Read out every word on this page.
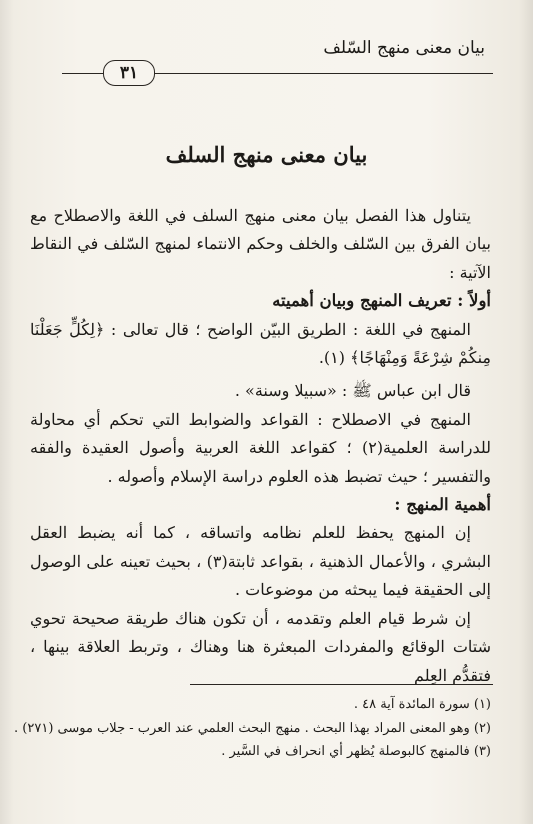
بيان معنى منهج السّلف
٣١
بيان معنى منهج السلف

يتناول هذا الفصل بيان معنى منهج السلف في اللغة والاصطلاح مع بيان الفرق بين السّلف والخلف وحكم الانتماء لمنهج السّلف في النقاط الآتية :

أولاً : تعريف المنهج وبيان أهميته

المنهج في اللغة : الطريق البيّن الواضح ؛ قال تعالى : ﴿لِكُلٍّ جَعَلْنَا مِنكُمْ شِرْعَةً وَمِنْهَاجًا﴾ (١).

قال ابن عباس ﷺ : «سبيلا وسنة» .

المنهج في الاصطلاح : القواعد والضوابط التي تحكم أي محاولة للدراسة العلمية(٢) ؛ كقواعد اللغة العربية وأصول العقيدة والفقه والتفسير ؛ حيث تضبط هذه العلوم دراسة الإسلام وأصوله .

أهمية المنهج :

إن المنهج يحفظ للعلم نظامه واتساقه ، كما أنه يضبط العقل البشري ، والأعمال الذهنية ، بقواعد ثابتة(٣) ، بحيث تعينه على الوصول إلى الحقيقة فيما يبحثه من موضوعات .

إن شرط قيام العلم وتقدمه ، أن تكون هناك طريقة صحيحة تحوي شتات الوقائع والمفردات المبعثرة هنا وهناك ، وتربط العلاقة بينها ، فتقدُّم العِلم

(١) سورة المائدة آية ٤٨ .
(٢) وهو المعنى المراد بهذا البحث . منهج البحث العلمي عند العرب - جلاب موسى (٢٧١) .
(٣) فالمنهج كالبوصلة يُظهر أي انحراف في السَّير .
